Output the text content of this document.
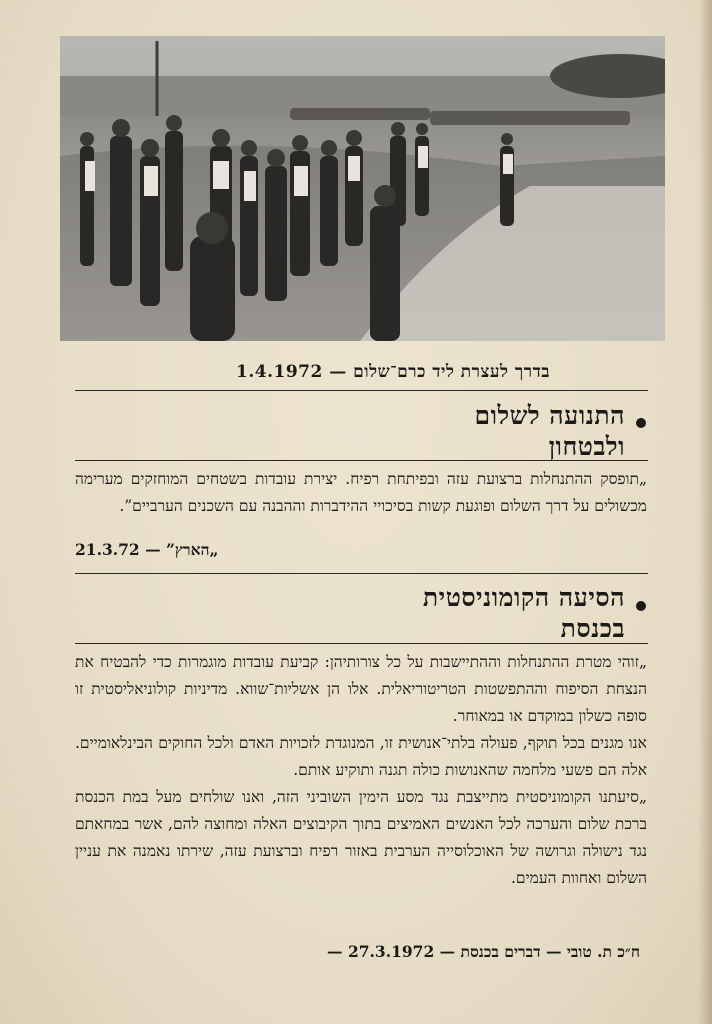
בדרך לעצרת ליד כרם־שלום — 1.4.1972
התנועה לשלום
ולבטחון

„תופסק ההתנחלות ברצועת עזה ובפיתחת רפיח. יצירת עובדות בשטחים המוחזקים מערימה מכשולים על דרך השלום ופוגעת קשות בסיכויי ההידברות וההבנה עם השכנים הערביים”.

„הארץ” — 21.3.72
הסיעה הקומוניסטית
בכנסת

„זוהי מטרת ההתנחלות וההתיישבות על כל צורותיהן: קביעת עובדות מוגמרות כדי להבטיח את הנצחת הסיפוח וההתפשטות הטריטוריאלית. אלו הן אשליות־שווא. מדיניות קולוניאליסטית זו סופה כשלון במוקדם או במאוחר.

אנו מגנים בכל תוקף, פעולה בלתי־אנושית זו, המנוגדת לזכויות האדם ולכל החוקים הבינלאומיים. אלה הם פשעי מלחמה שהאנושות כולה תגנה ותוקיע אותם.

„סיעתנו הקומוניסטית מתייצבת נגד מסע הימין השוביני הזה, ואנו שולחים מעל במת הכנסת ברכת שלום והערכה לכל האנשים האמיצים בתוך הקיבוצים האלה ומחוצה להם, אשר במחאתם נגד נישולה וגרושה של האוכלוסייה הערבית באזור רפיח וברצועת עזה, שירתו נאמנה את עניין השלום ואחוות העמים.

ח״כ ת. טובי — דברים בכנסת — 27.3.1972 —
